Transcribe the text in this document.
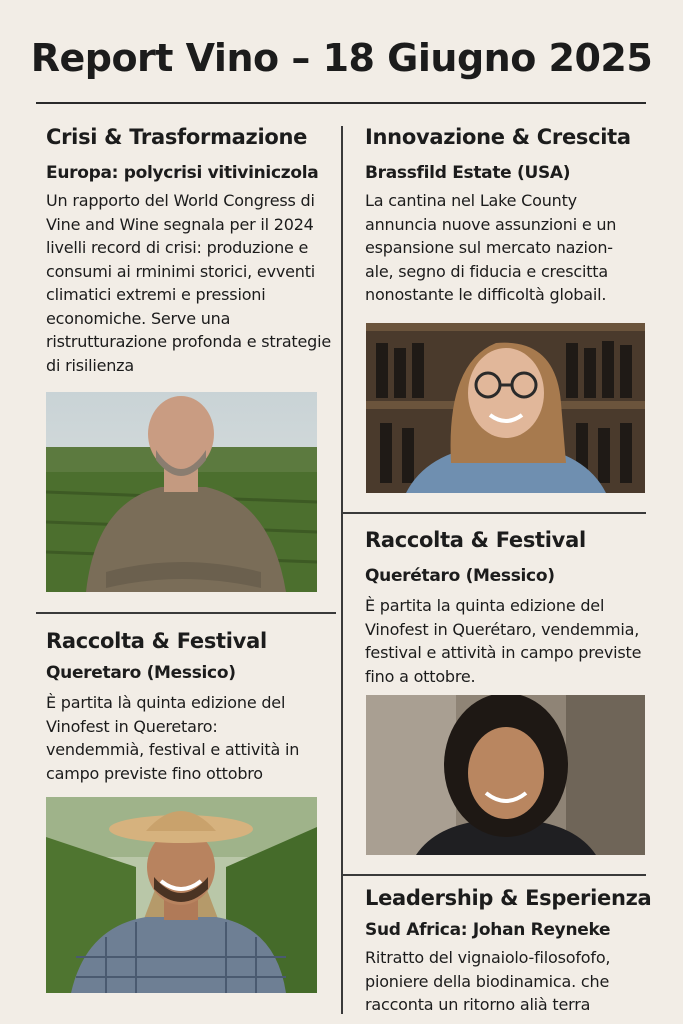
Report Vino – 18 Giugno 2025
Crisi & Trasformazione
Europa: polycrisi vitiviniczola

Un rapporto del World Congress di Vine and Wine segnala per il 2024 livelli record di crisi: produzione e consumi ai rminimi storici, evventi climatici extremi e pressioni economiche. Serve una ristrutturazione profonda e strategie di risilienza

Raccolta & Festival
Queretaro (Messico)

È partita là quinta edizione del Vinofest in Queretaro: vendemmià, festival e attività in campo previste fino ottobro

Innovazione & Crescita
Brassfild Estate (USA)

La cantina nel Lake County annuncia nuove assunzioni e un espansione sul mercato nazion-ale, segno di fiducia e crescitta nonostante le difficoltà globail.

Raccolta & Festival
Querétaro (Messico)

È partita la quinta edizione del Vinofest in Querétaro, vendemmia, festival e attività in campo previste fino a ottobre.

Leadership & Esperienza
Sud Africa: Johan Reyneke

Ritratto del vignaiolo-filosofofo, pioniere della biodinamica. che racconta un ritorno alià terra
